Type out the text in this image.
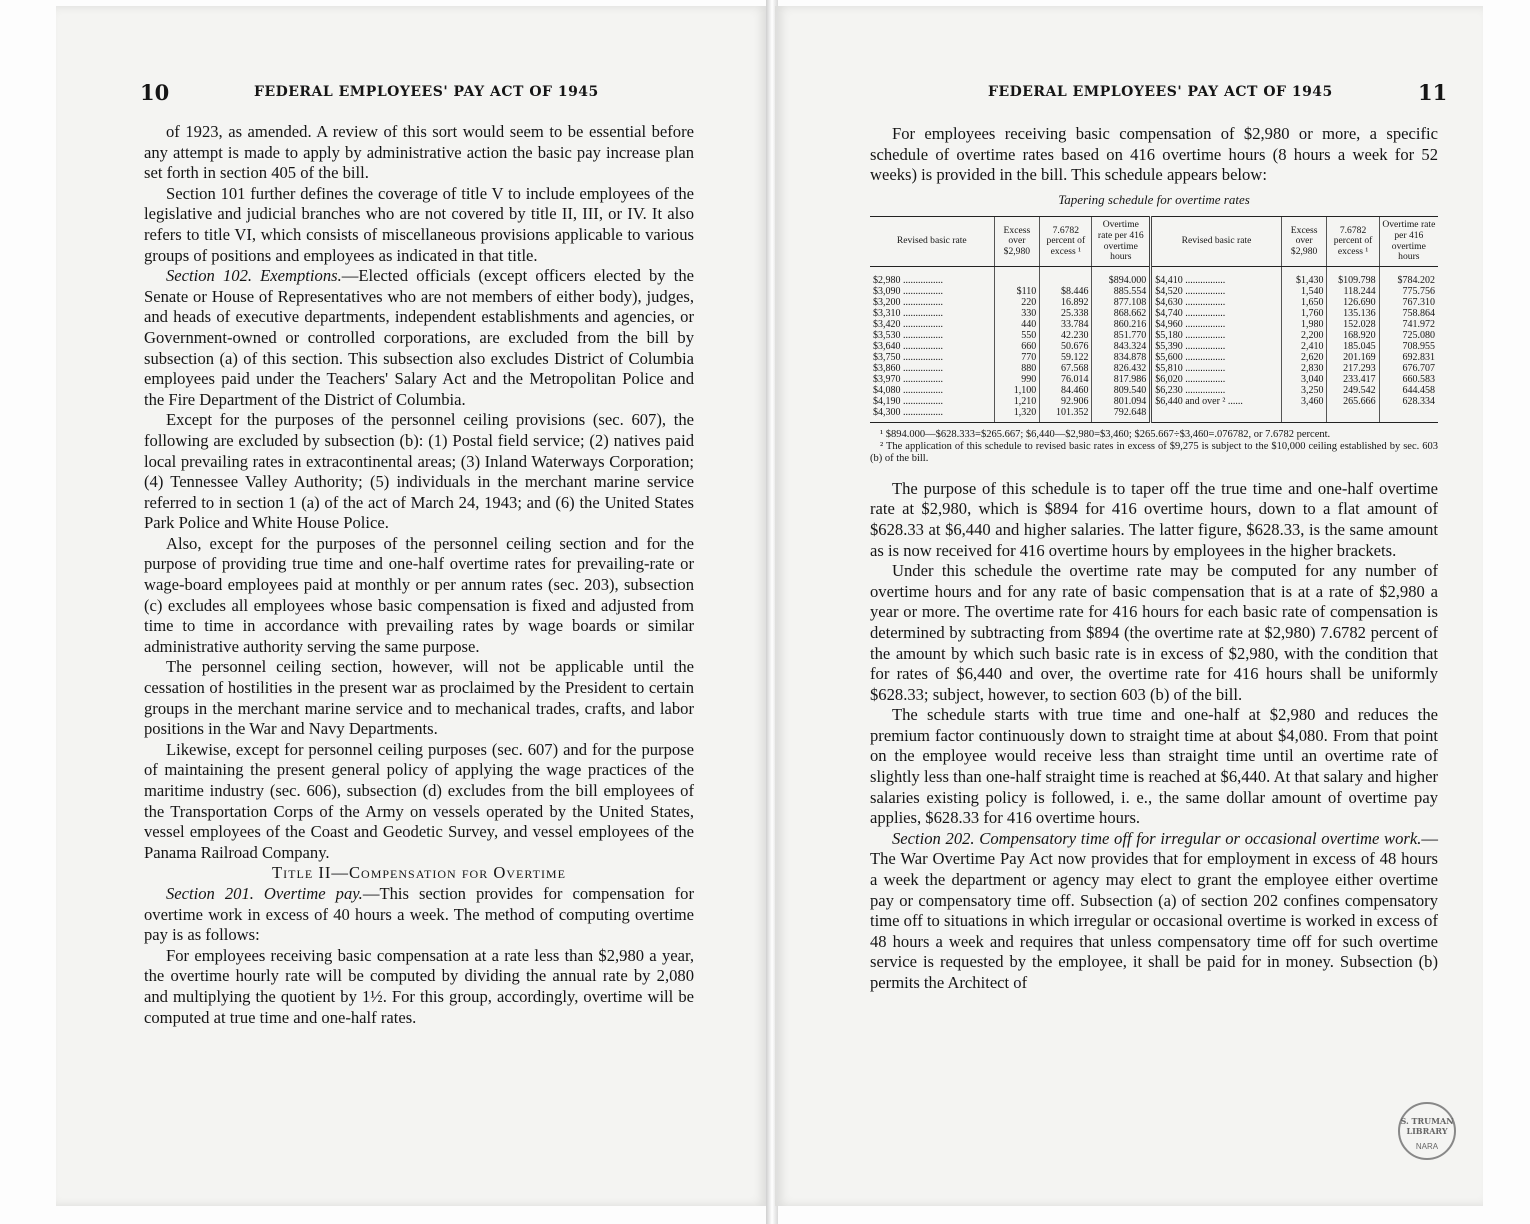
10	FEDERAL EMPLOYEES' PAY ACT OF 1945

of 1923, as amended. A review of this sort would seem to be essential before any attempt is made to apply by administrative action the basic pay increase plan set forth in section 405 of the bill.

Section 101 further defines the coverage of title V to include employees of the legislative and judicial branches who are not covered by title II, III, or IV. It also refers to title VI, which consists of miscellaneous provisions applicable to various groups of positions and employees as indicated in that title.

Section 102. Exemptions.—Elected officials (except officers elected by the Senate or House of Representatives who are not members of either body), judges, and heads of executive departments, independent establishments and agencies, or Government-owned or controlled corporations, are excluded from the bill by subsection (a) of this section. This subsection also excludes District of Columbia employees paid under the Teachers' Salary Act and the Metropolitan Police and the Fire Department of the District of Columbia.

Except for the purposes of the personnel ceiling provisions (sec. 607), the following are excluded by subsection (b): (1) Postal field service; (2) natives paid local prevailing rates in extracontinental areas; (3) Inland Waterways Corporation; (4) Tennessee Valley Authority; (5) individuals in the merchant marine service referred to in section 1 (a) of the act of March 24, 1943; and (6) the United States Park Police and White House Police.

Also, except for the purposes of the personnel ceiling section and for the purpose of providing true time and one-half overtime rates for prevailing-rate or wage-board employees paid at monthly or per annum rates (sec. 203), subsection (c) excludes all employees whose basic compensation is fixed and adjusted from time to time in accordance with prevailing rates by wage boards or similar administrative authority serving the same purpose.

The personnel ceiling section, however, will not be applicable until the cessation of hostilities in the present war as proclaimed by the President to certain groups in the merchant marine service and to mechanical trades, crafts, and labor positions in the War and Navy Departments.

Likewise, except for personnel ceiling purposes (sec. 607) and for the purpose of maintaining the present general policy of applying the wage practices of the maritime industry (sec. 606), subsection (d) excludes from the bill employees of the Transportation Corps of the Army on vessels operated by the United States, vessel employees of the Coast and Geodetic Survey, and vessel employees of the Panama Railroad Company.

Title II—Compensation for Overtime

Section 201. Overtime pay.—This section provides for compensation for overtime work in excess of 40 hours a week. The method of computing overtime pay is as follows:

For employees receiving basic compensation at a rate less than $2,980 a year, the overtime hourly rate will be computed by dividing the annual rate by 2,080 and multiplying the quotient by 1½. For this group, accordingly, overtime will be computed at true time and one-half rates.

FEDERAL EMPLOYEES' PAY ACT OF 1945	11

For employees receiving basic compensation of $2,980 or more, a specific schedule of overtime rates based on 416 overtime hours (8 hours a week for 52 weeks) is provided in the bill. This schedule appears below:

Tapering schedule for overtime rates
Revised basic rate	Excess over $2,980	7.6782 percent of excess ¹	Overtime rate per 416 overtime hours	Revised basic rate	Excess over $2,980	7.6782 percent of excess ¹	Overtime rate per 416 overtime hours
$2,980 ................			$894.000	$4,410 ................	$1,430	$109.798	$784.202
$3,090 ................	$110	$8.446	885.554	$4,520 ................	1,540	118.244	775.756
$3,200 ................	220	16.892	877.108	$4,630 ................	1,650	126.690	767.310
$3,310 ................	330	25.338	868.662	$4,740 ................	1,760	135.136	758.864
$3,420 ................	440	33.784	860.216	$4,960 ................	1,980	152.028	741.972
$3,530 ................	550	42.230	851.770	$5,180 ................	2,200	168.920	725.080
$3,640 ................	660	50.676	843.324	$5,390 ................	2,410	185.045	708.955
$3,750 ................	770	59.122	834.878	$5,600 ................	2,620	201.169	692.831
$3,860 ................	880	67.568	826.432	$5,810 ................	2,830	217.293	676.707
$3,970 ................	990	76.014	817.986	$6,020 ................	3,040	233.417	660.583
$4,080 ................	1,100	84.460	809.540	$6,230 ................	3,250	249.542	644.458
$4,190 ................	1,210	92.906	801.094	$6,440 and over ² ......	3,460	265.666	628.334
$4,300 ................	1,320	101.352	792.648				
¹ $894.000—$628.333=$265.667; $6,440—$2,980=$3,460; $265.667÷$3,460=.076782, or 7.6782 percent.
² The application of this schedule to revised basic rates in excess of $9,275 is subject to the $10,000 ceiling established by sec. 603 (b) of the bill.

The purpose of this schedule is to taper off the true time and one-half overtime rate at $2,980, which is $894 for 416 overtime hours, down to a flat amount of $628.33 at $6,440 and higher salaries. The latter figure, $628.33, is the same amount as is now received for 416 overtime hours by employees in the higher brackets.

Under this schedule the overtime rate may be computed for any number of overtime hours and for any rate of basic compensation that is at a rate of $2,980 a year or more. The overtime rate for 416 hours for each basic rate of compensation is determined by subtracting from $894 (the overtime rate at $2,980) 7.6782 percent of the amount by which such basic rate is in excess of $2,980, with the condition that for rates of $6,440 and over, the overtime rate for 416 hours shall be uniformly $628.33; subject, however, to section 603 (b) of the bill.

The schedule starts with true time and one-half at $2,980 and reduces the premium factor continuously down to straight time at about $4,080. From that point on the employee would receive less than straight time until an overtime rate of slightly less than one-half straight time is reached at $6,440. At that salary and higher salaries existing policy is followed, i. e., the same dollar amount of overtime pay applies, $628.33 for 416 overtime hours.

Section 202. Compensatory time off for irregular or occasional overtime work.—The War Overtime Pay Act now provides that for employment in excess of 48 hours a week the department or agency may elect to grant the employee either overtime pay or compensatory time off. Subsection (a) of section 202 confines compensatory time off to situations in which irregular or occasional overtime is worked in excess of 48 hours a week and requires that unless compensatory time off for such overtime service is requested by the employee, it shall be paid for in money. Subsection (b) permits the Architect of

S. TRUMAN LIBRARY
NARA
